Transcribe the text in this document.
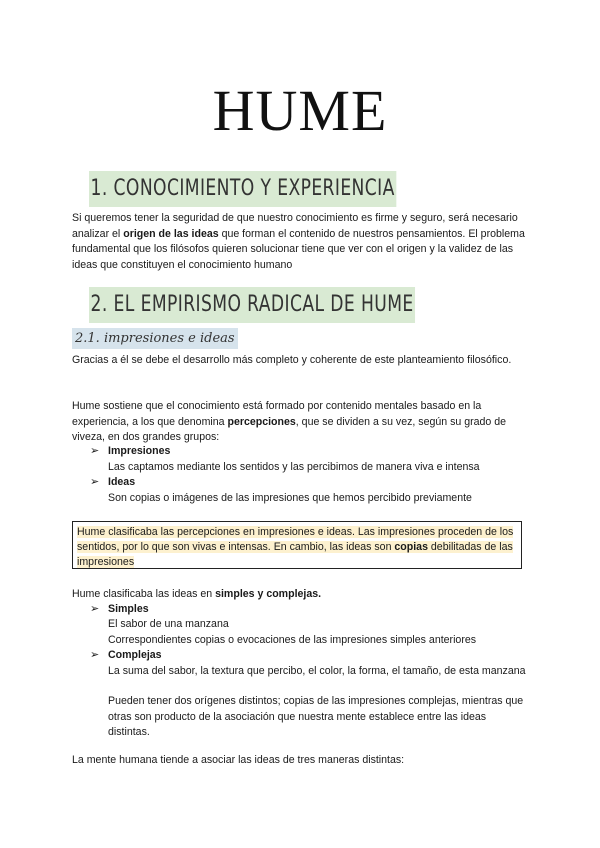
HUME
1. CONOCIMIENTO Y EXPERIENCIA

Si queremos tener la seguridad de que nuestro conocimiento es firme y seguro, será necesario analizar el origen de las ideas que forman el contenido de nuestros pensamientos. El problema fundamental que los filósofos quieren solucionar tiene que ver con el origen y la validez de las ideas que constituyen el conocimiento humano

2. EL EMPIRISMO RADICAL DE HUME
2.1. impresiones e ideas

Gracias a él se debe el desarrollo más completo y coherente de este planteamiento filosófico.

Hume sostiene que el conocimiento está formado por contenido mentales basado en la experiencia, a los que denomina percepciones, que se dividen a su vez, según su grado de viveza, en dos grandes grupos:

➢ Impresiones

Las captamos mediante los sentidos y las percibimos de manera viva e intensa

➢ Ideas

Son copias o imágenes de las impresiones que hemos percibido previamente

Hume clasificaba las percepciones en impresiones e ideas. Las impresiones proceden de los sentidos, por lo que son vivas e intensas. En cambio, las ideas son copias debilitadas de las impresiones

Hume clasificaba las ideas en simples y complejas.

➢ Simples

El sabor de una manzana

Correspondientes copias o evocaciones de las impresiones simples anteriores

➢ Complejas

La suma del sabor, la textura que percibo, el color, la forma, el tamaño, de esta manzana

Pueden tener dos orígenes distintos; copias de las impresiones complejas, mientras que otras son producto de la asociación que nuestra mente establece entre las ideas distintas.

La mente humana tiende a asociar las ideas de tres maneras distintas:
